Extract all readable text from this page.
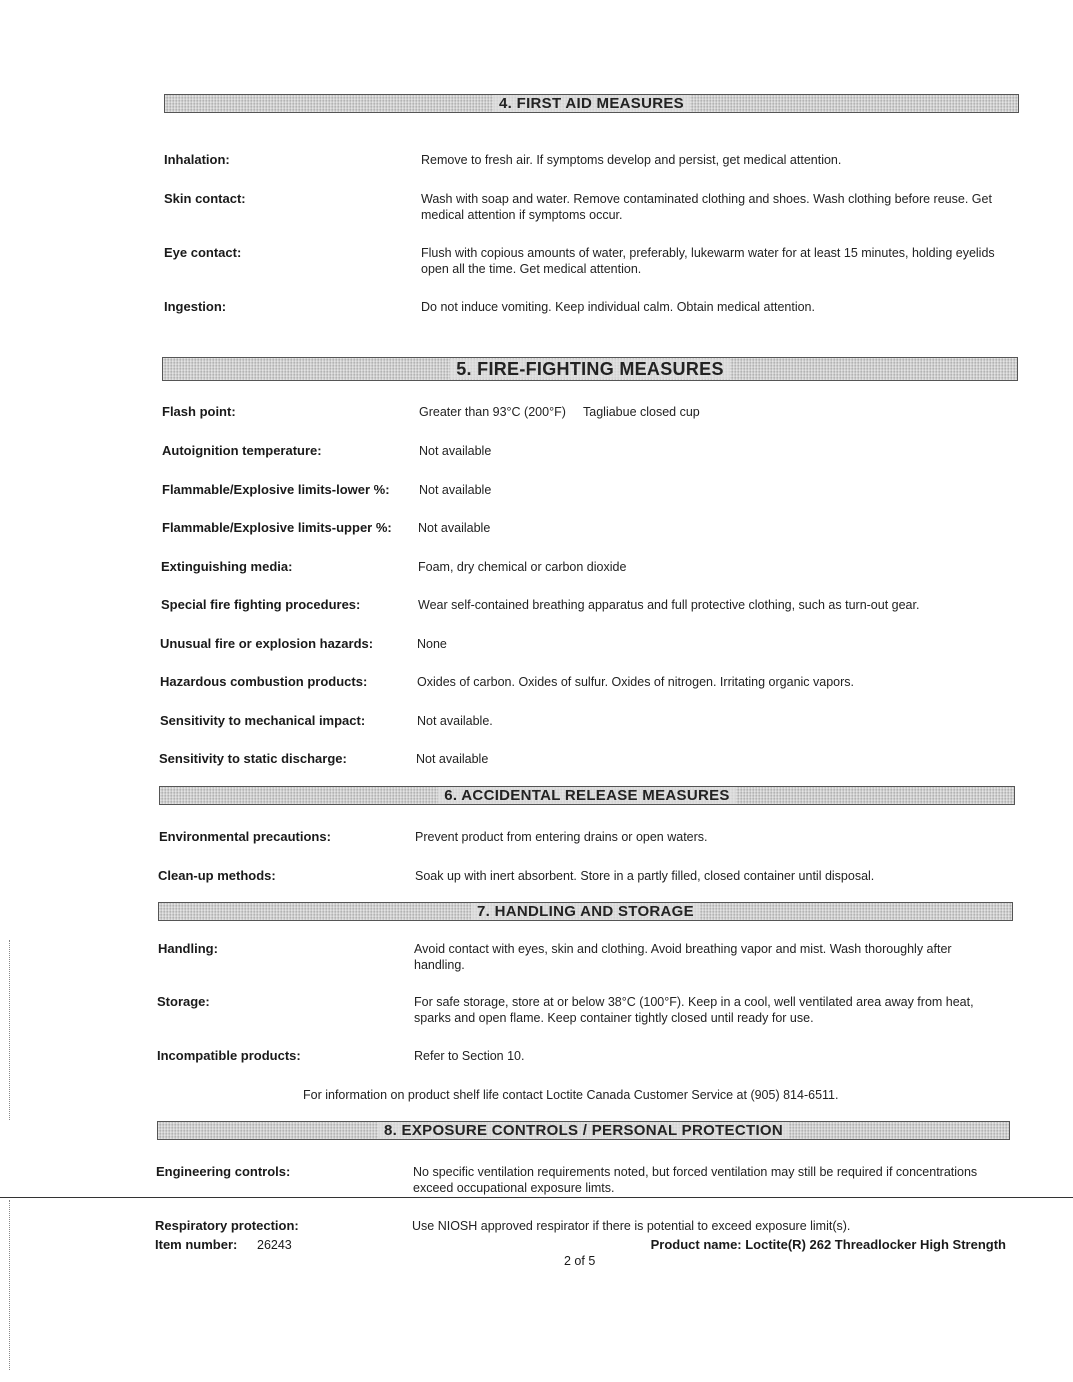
4. FIRST AID MEASURES
Inhalation:	Remove to fresh air. If symptoms develop and persist, get medical attention.
Skin contact:	Wash with soap and water. Remove contaminated clothing and shoes. Wash clothing before reuse. Get medical attention if symptoms occur.
Eye contact:	Flush with copious amounts of water, preferably, lukewarm water for at least 15 minutes, holding eyelids open all the time. Get medical attention.
Ingestion:	Do not induce vomiting. Keep individual calm. Obtain medical attention.
5. FIRE-FIGHTING MEASURES
Flash point:	Greater than 93°C (200°F)     Tagliabue closed cup
Autoignition temperature:	Not available
Flammable/Explosive limits-lower %: Not available
Flammable/Explosive limits-upper %: Not available
Extinguishing media:	Foam, dry chemical or carbon dioxide
Special fire fighting procedures:	Wear self-contained breathing apparatus and full protective clothing, such as turn-out gear.
Unusual fire or explosion hazards:	None
Hazardous combustion products:	Oxides of carbon. Oxides of sulfur. Oxides of nitrogen. Irritating organic vapors.
Sensitivity to mechanical impact:	Not available.
Sensitivity to static discharge:	Not available
6. ACCIDENTAL RELEASE MEASURES
Environmental precautions:	Prevent product from entering drains or open waters.
Clean-up methods:	Soak up with inert absorbent. Store in a partly filled, closed container until disposal.
7. HANDLING AND STORAGE
Handling:	Avoid contact with eyes, skin and clothing. Avoid breathing vapor and mist. Wash thoroughly after handling.
Storage:	For safe storage, store at or below 38°C (100°F). Keep in a cool, well ventilated area away from heat, sparks and open flame. Keep container tightly closed until ready for use.
Incompatible products:	Refer to Section 10.
For information on product shelf life contact Loctite Canada Customer Service at (905) 814-6511.
8. EXPOSURE CONTROLS / PERSONAL PROTECTION
Engineering controls:	No specific ventilation requirements noted, but forced ventilation may still be required if concentrations exceed occupational exposure limts.
Respiratory protection:	Use NIOSH approved respirator if there is potential to exceed exposure limit(s).
Item number: 26243	Product name: Loctite(R) 262 Threadlocker High Strength
2 of 5
